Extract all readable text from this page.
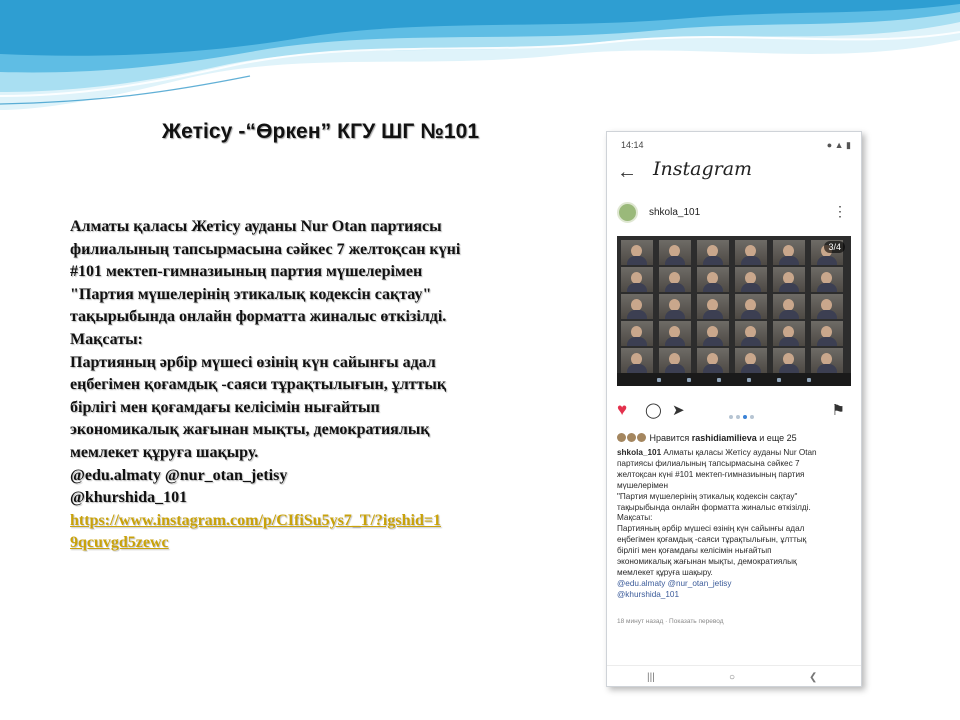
Жетісу -“Өркен” КГУ ШГ №101
Алматы қаласы Жетісу ауданы Nur Otan партиясы
филиалының тапсырмасына сәйкес 7 желтоқсан күні
#101 мектеп-гимназиының партия мүшелерімен
"Партия мүшелерінің этикалық кодексін сақтау"
тақырыбында онлайн форматта жиналыс өткізілді.
Мақсаты:
Партияның әрбір мүшесі өзінің күн сайынғы адал
еңбегімен қоғамдық -саяси тұрақтылығын, ұлттық
бірлігі мен қоғамдағы келісімін нығайтып
экономикалық жағынан мықты, демократиялық
мемлекет құруға шақыру.
@edu.almaty @nur_otan_jetisy
@khurshida_101
https://www.instagram.com/p/CIfiSu5ys7_T/?igshid=1
9qcuvgd5zewc
14:14	● ▲ ▮
← Instagram
shkola_101	⋮
3/4
♥ ◯ ➤	⚑
Нравится rashidiamilieva и еще 25
shkola_101 Алматы қаласы Жетісу ауданы Nur Otan
партиясы филиалының тапсырмасына сәйкес 7
желтоқсан күні #101 мектеп-гимназиының партия
мүшелерімен
"Партия мүшелерінің этикалық кодексін сақтау"
тақырыбында онлайн форматта жиналыс өткізілді.
Мақсаты:
Партияның әрбір мүшесі өзінің күн сайынғы адал
еңбегімен қоғамдық -саяси тұрақтылығын, ұлттық
бірлігі мен қоғамдағы келісімін нығайтып
экономикалық жағынан мықты, демократиялық
мемлекет құруға шақыру.
@edu.almaty @nur_otan_jetisy
@khurshida_101
18 минут назад · Показать перевод
|||	○	❮
